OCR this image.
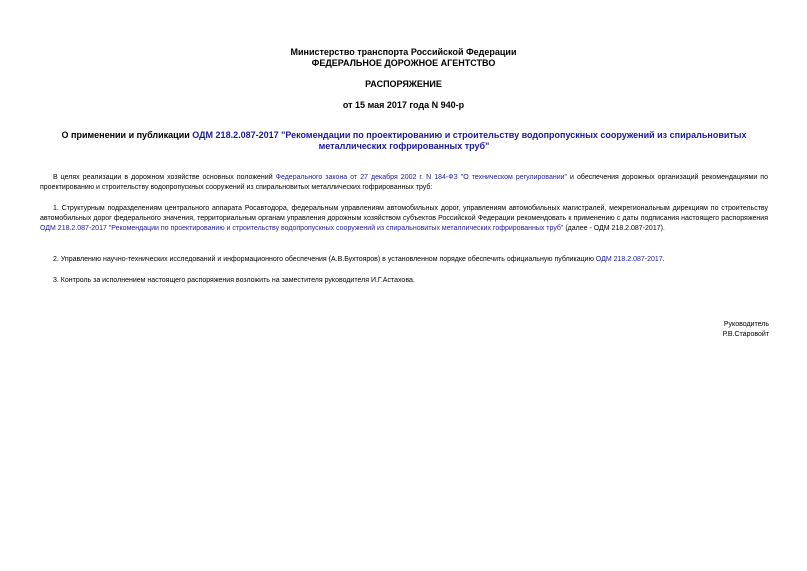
Министерство транспорта Российской Федерации
ФЕДЕРАЛЬНОЕ ДОРОЖНОЕ АГЕНТСТВО
РАСПОРЯЖЕНИЕ
от 15 мая 2017 года N 940-р
О применении и публикации ОДМ 218.2.087-2017 "Рекомендации по проектированию и строительству водопропускных сооружений из спиральновитых металлических гофрированных труб"
В целях реализации в дорожном хозяйстве основных положений Федерального закона от 27 декабря 2002 г. N 184-ФЗ "О техническом регулировании" и обеспечения дорожных организаций рекомендациями по проектированию и строительству водопропускных сооружений из спиральновитых металлических гофрированных труб:
1. Структурным подразделениям центрального аппарата Росавтодора, федеральным управлениям автомобильных дорог, управлениям автомобильных магистралей, межрегиональным дирекциям по строительству автомобильных дорог федерального значения, территориальным органам управления дорожным хозяйством субъектов Российской Федерации рекомендовать к применению с даты подписания настоящего распоряжения ОДМ 218.2.087-2017 "Рекомендации по проектированию и строительству водопропускных сооружений из спиральновитых металлических гофрированных труб" (далее - ОДМ 218.2.087-2017).
2. Управлению научно-технических исследований и информационного обеспечения (А.В.Бухтояров) в установленном порядке обеспечить официальную публикацию ОДМ 218.2.087-2017.
3. Контроль за исполнением настоящего распоряжения возложить на заместителя руководителя И.Г.Астахова.
Руководитель
Р.В.Старовойт
